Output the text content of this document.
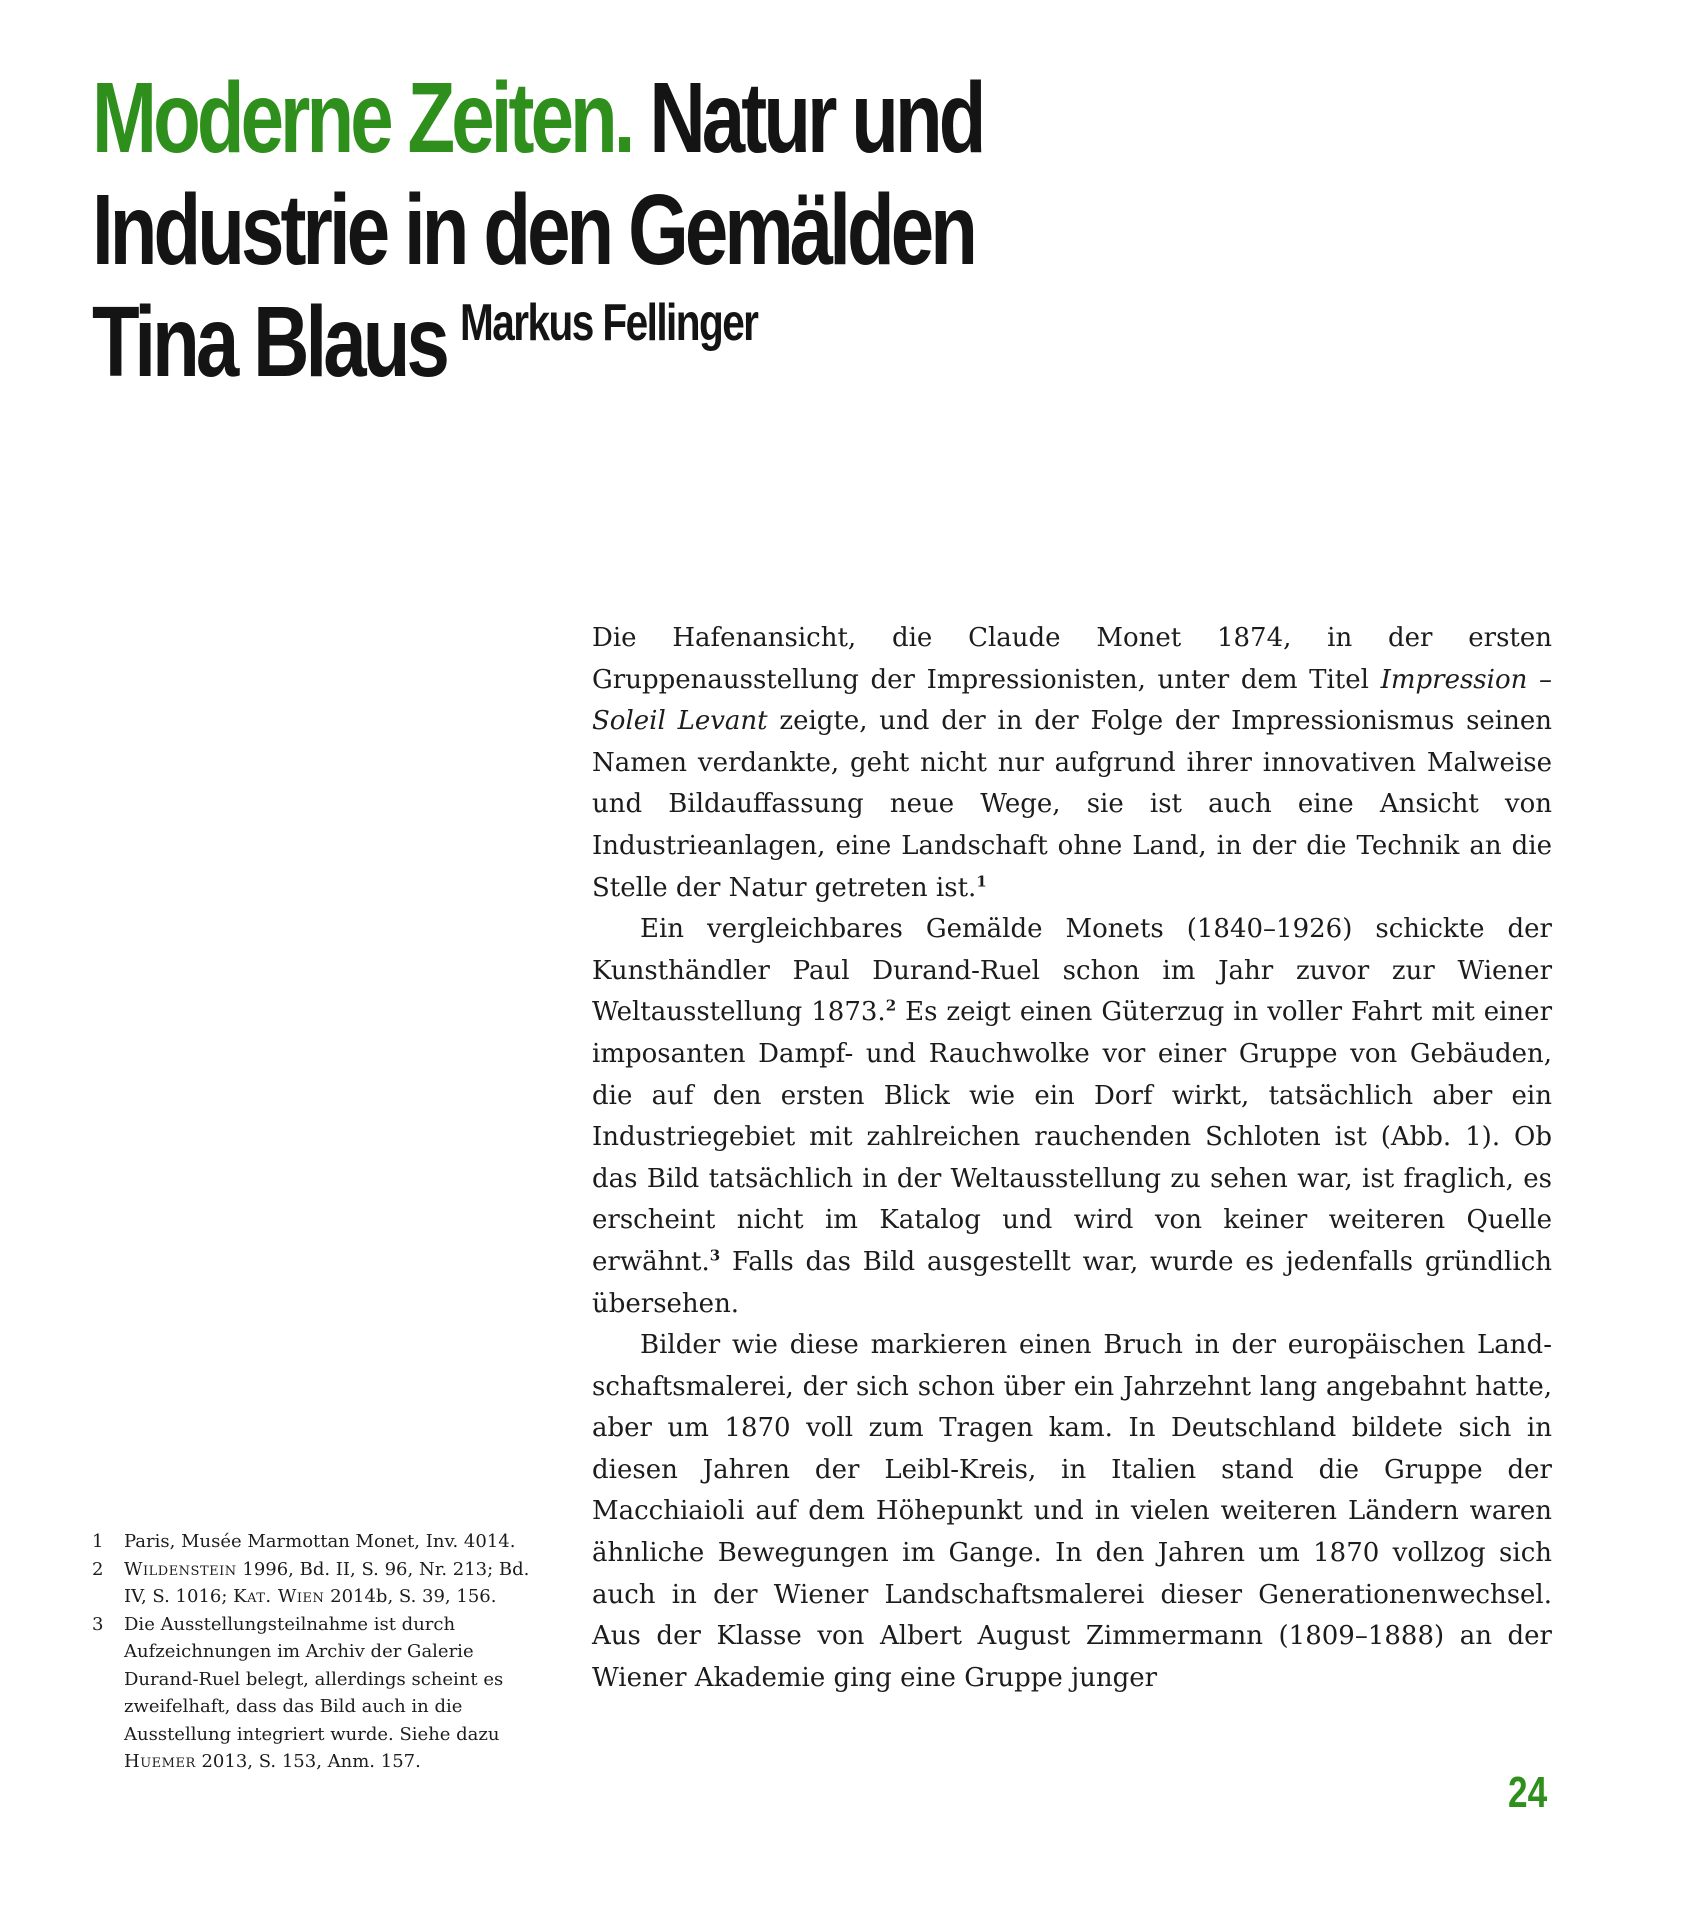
Moderne Zeiten. Natur und
Industrie in den Gemälden
Tina Blaus $^{Markus Fellinger}$

Die Hafenansicht, die Claude Monet 1874, in der ersten Gruppenausstellung der Impressionisten, unter dem Titel Impression – Soleil Levant zeigte, und der in der Folge der Impressionismus seinen Namen verdankte, geht nicht nur aufgrund ihrer innovativen Malweise und Bildauffassung neue Wege, sie ist auch eine Ansicht von Industrieanlagen, eine Landschaft ohne Land, in der die Technik an die Stelle der Natur getreten ist.$^1$

Ein vergleichbares Gemälde Monets (1840–1926) schickte der Kunsthändler Paul Durand-Ruel schon im Jahr zuvor zur Wiener Weltausstellung 1873.$^2$ Es zeigt einen Güterzug in voller Fahrt mit einer imposanten Dampf- und Rauchwolke vor einer Gruppe von Gebäuden, die auf den ersten Blick wie ein Dorf wirkt, tatsächlich aber ein Industriegebiet mit zahlreichen rauchenden Schloten ist (Abb. 1). Ob das Bild tatsächlich in der Weltausstellung zu sehen war, ist fraglich, es erscheint nicht im Katalog und wird von keiner weiteren Quelle erwähnt.$^3$ Falls das Bild ausgestellt war, wurde es jedenfalls gründlich übersehen.

Bilder wie diese markieren einen Bruch in der europäischen Landschaftsmalerei, der sich schon über ein Jahrzehnt lang angebahnt hatte, aber um 1870 voll zum Tragen kam. In Deutschland bildete sich in diesen Jahren der Leibl-Kreis, in Italien stand die Gruppe der Macchiaioli auf dem Höhepunkt und in vielen weiteren Ländern waren ähnliche Bewegungen im Gange. In den Jahren um 1870 vollzog sich auch in der Wiener Landschaftsmalerei dieser Generationenwechsel. Aus der Klasse von Albert August Zimmermann (1809–1888) an der Wiener Akademie ging eine Gruppe junger

1	Paris, Musée Marmottan Monet, Inv. 4014.
2	Wildenstein 1996, Bd. II, S. 96, Nr. 213; Bd. IV, S. 1016; Kat. Wien 2014b, S. 39, 156.
3	Die Ausstellungsteilnahme ist durch Aufzeichnungen im Archiv der Galerie Durand-Ruel belegt, allerdings scheint es zweifelhaft, dass das Bild auch in die Ausstellung integriert wurde. Siehe dazu Huemer 2013, S. 153, Anm. 157.
24
